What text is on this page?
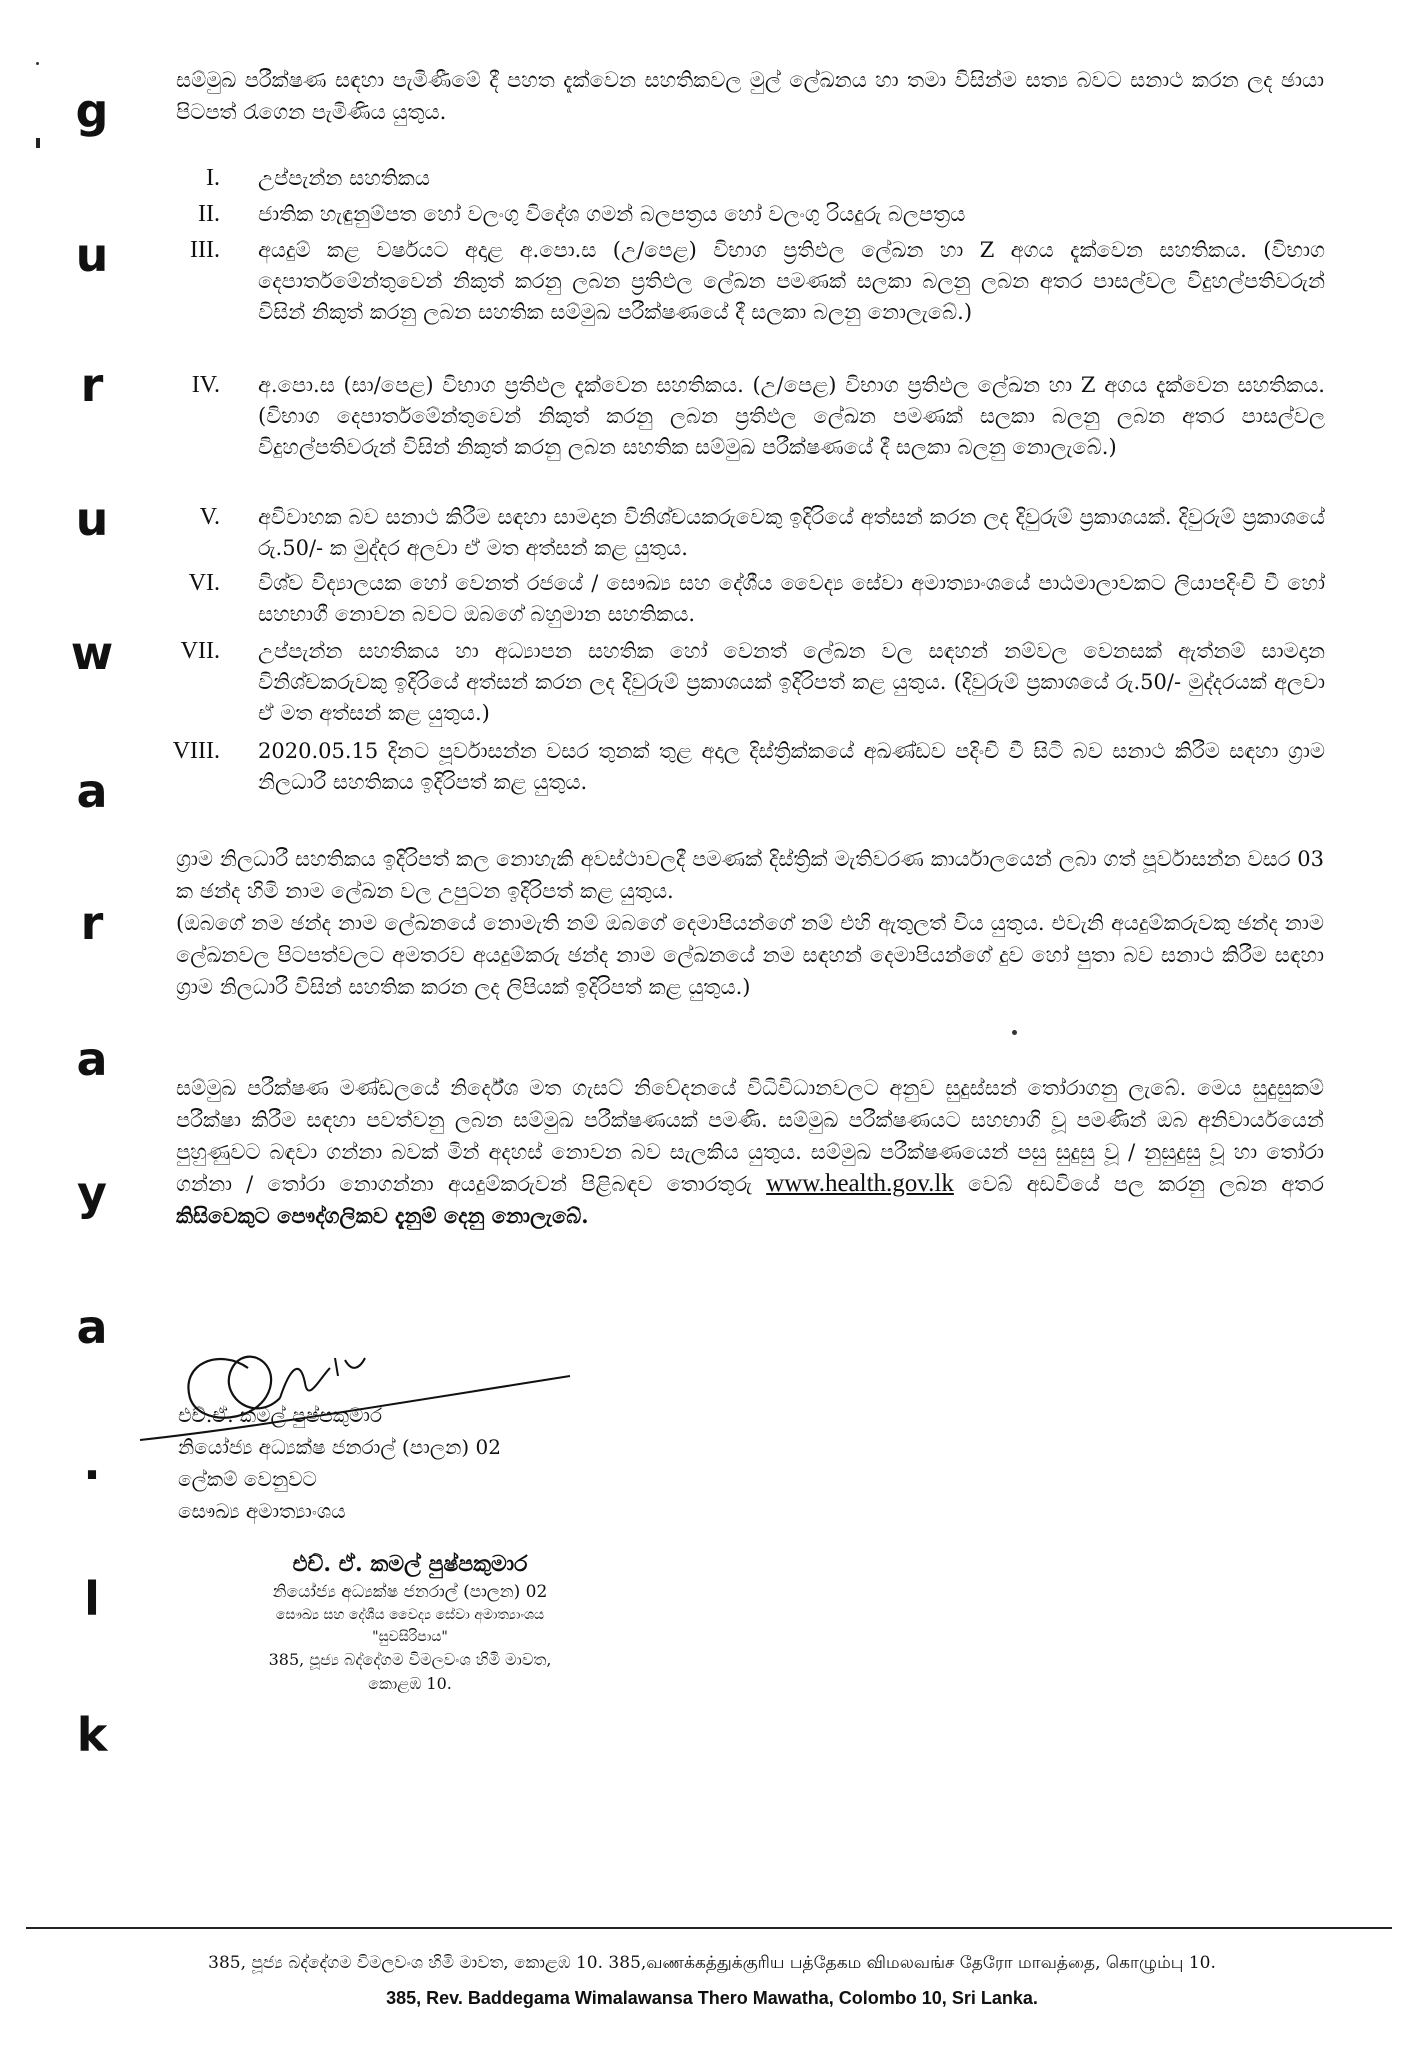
g
u
r
u
w
a
r
a
y
a
.
l
k
සම්මුඛ පරීක්ෂණ සඳහා පැමිණීමේ දී පහත දැක්වෙන සහතිකවල මුල් ලේඛනය හා තමා විසින්ම සත්‍ය බවට සනාථ කරන ලද ඡායා පිටපත් රැගෙන පැමිණිය යුතුය.
I. උප්පැන්න සහතිකය
II. ජාතික හැඳුනුම්පත හෝ වලංගු විදේශ ගමන් බලපත්‍රය හෝ වලංගු රියදුරු බලපත්‍රය
III. අයදුම් කළ වර්ෂයට අදාළ අ.පො.ස (උ/පෙළ) විභාග ප්‍රතිඵල ලේඛන හා Z අගය දැක්වෙන සහතිකය. (විභාග දෙපාර්තමේන්තුවෙන් නිකුත් කරනු ලබන ප්‍රතිඵල ලේඛන පමණක් සලකා බලනු ලබන අතර පාසල්වල විදුහල්පතිවරුන් විසින් නිකුත් කරනු ලබන සහතික සම්මුඛ පරීක්ෂණයේ දී සලකා බලනු නොලැබේ.)
IV. අ.පො.ස (සා/පෙළ) විභාග ප්‍රතිඵල දැක්වෙන සහතිකය. (උ/පෙළ) විභාග ප්‍රතිඵල ලේඛන හා Z අගය දැක්වෙන සහතිකය. (විභාග දෙපාර්තමේන්තුවෙන් නිකුත් කරනු ලබන ප්‍රතිඵල ලේඛන පමණක් සලකා බලනු ලබන අතර පාසල්වල විදුහල්පතිවරුන් විසින් නිකුත් කරනු ලබන සහතික සම්මුඛ පරීක්ෂණයේ දී සලකා බලනු නොලැබේ.)
V. අවිවාහක බව සනාථ කිරීම සඳහා සාමදාන විනිශ්චයකරුවෙකු ඉදිරියේ අත්සන් කරන ලද දිවුරුම් ප්‍රකාශයක්. දිවුරුම් ප්‍රකාශයේ රු.50/- ක මුද්දර අලවා ඒ මත අත්සන් කළ යුතුය.
VI. විශ්ව විද්‍යාලයක හෝ වෙනත් රජයේ / සෞඛ්‍ය සහ දේශීය වෛද්‍ය සේවා අමාත්‍යාංශයේ පාඨමාලාවකට ලියාපදිංචි වී හෝ සහභාගී නොවන බවට ඔබගේ බහුමාන සහතිකය.
VII. උප්පැන්න සහතිකය හා අධ්‍යාපන සහතික හෝ වෙනත් ලේඛන වල සඳහන් නම්වල වෙනසක් ඇත්නම් සාමදාන විනිශ්චකරුවකු ඉදිරියේ අත්සන් කරන ලද දිවුරුම් ප්‍රකාශයක් ඉදිරිපත් කළ යුතුය. (දිවුරුම් ප්‍රකාශයේ රු.50/- මුද්දරයක් අලවා ඒ මත අත්සන් කළ යුතුය.)
VIII. 2020.05.15 දිනට පූර්වාසන්න වසර තුනක් තුළ අදාල දිස්ත්‍රික්කයේ අඛණ්ඩව පදිංචි වී සිටි බව සනාථ කිරීම සඳහා ග්‍රාම නිලධාරී සහතිකය ඉදිරිපත් කළ යුතුය.
ග්‍රාම නිලධාරී සහතිකය ඉදිරිපත් කල නොහැකි අවස්ථාවලදී පමණක් දිස්ත්‍රික් මැතිවරණ කාර්යාලයෙන් ලබා ගත් පූර්වාසන්න වසර 03 ක ඡන්ද හිමි නාම ලේඛන වල උපුටන ඉදිරිපත් කළ යුතුය.
(ඔබගේ නම ඡන්ද නාම ලේඛනයේ නොමැති නම් ඔබගේ දෙමාපියන්ගේ නම් එහි ඇතුලත් විය යුතුය. එවැනි අයදුම්කරුවකු ඡන්ද නාම ලේඛනවල පිටපත්වලට අමතරව අයදුම්කරු ඡන්ද නාම ලේඛනයේ නම සඳහන් දෙමාපියන්ගේ දුව හෝ පුතා බව සනාථ කිරීම සඳහා ග්‍රාම නිලධාරී විසින් සහතික කරන ලද ලිපියක් ඉදිරිපත් කළ යුතුය.)
සම්මුඛ පරීක්ෂණ මණ්ඩලයේ නිර්දේශ මත ගැසට් නිවේදනයේ විධිවිධානවලට අනුව සුදුස්සන් තෝරාගනු ලැබේ. මෙය සුදුසුකම් පරීක්ෂා කිරීම සඳහා පවත්වනු ලබන සම්මුඛ පරීක්ෂණයක් පමණි. සම්මුඛ පරීක්ෂණයට සහභාගි වූ පමණින් ඔබ අනිවාර්යයෙන් පුහුණුවට බඳවා ගන්නා බවක් මින් අදහස් නොවන බව සැලකිය යුතුය. සම්මුඛ පරීක්ෂණයෙන් පසු සුදුසු වූ / නුසුදුසු වූ හා තෝරා ගන්නා / තෝරා නොගන්නා අයදුම්කරුවන් පිළිබඳව තොරතුරු www.health.gov.lk වෙබ් අඩවියේ පල කරනු ලබන අතර කිසිවෙකුට පෞද්ගලිකව දැනුම් දෙනු නොලැබේ.
එච්.ඒ. කමල් පුෂ්පකුමාර
නියෝජ්‍ය අධ්‍යක්ෂ ජනරාල් (පාලන) 02
ලේකම් වෙනුවට
සෞඛ්‍ය අමාත්‍යාංශය
එච්. ඒ. කමල් පුෂ්පකුමාර
නියෝජ්‍ය අධ්‍යක්ෂ ජනරාල් (පාලන) 02
සෞඛ්‍ය සහ දේශීය වෛද්‍ය සේවා අමාත්‍යාංශය
"සුවසිරිපාය"
385, පූජ්‍ය බද්දේගම විමලවංශ හිමි මාවත,
කොළඹ 10.
385, පූජ්‍ය බද්දේගම විමලවංශ හිමි මාවත, කොළඹ 10. 385,வணக்கத்துக்குரிய பத்தேகம விமலவங்ச தேரோ மாவத்தை, கொழும்பு 10.
385, Rev. Baddegama Wimalawansa Thero Mawatha, Colombo 10, Sri Lanka.
